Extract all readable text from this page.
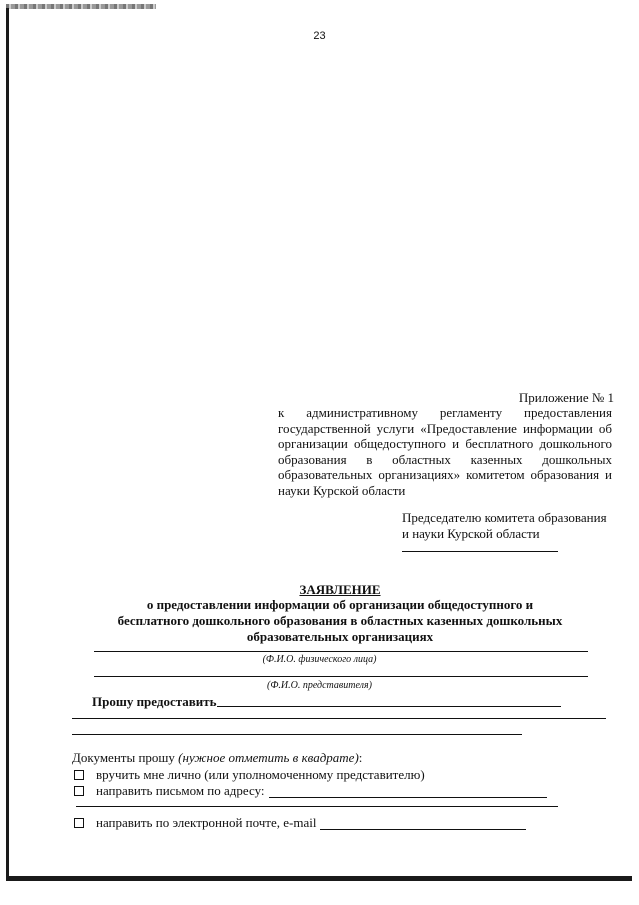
23
Приложение № 1
к административному регламенту предоставления государственной услуги «Предоставление информации об организации общедоступного и бесплатного дошкольного образования в областных казенных дошкольных образовательных организациях» комитетом образования и науки Курской области
Председателю комитета образования
и науки Курской области
ЗАЯВЛЕНИЕ
о предоставлении информации об организации общедоступного и
бесплатного дошкольного образования в областных казенных дошкольных
образовательных организациях
(Ф.И.О. физического лица)
(Ф.И.О. представителя)
Прошу предоставить
Документы прошу (нужное отметить в квадрате):
вручить мне лично (или уполномоченному представителю)
направить письмом по адресу:
направить по электронной почте, e-mail
